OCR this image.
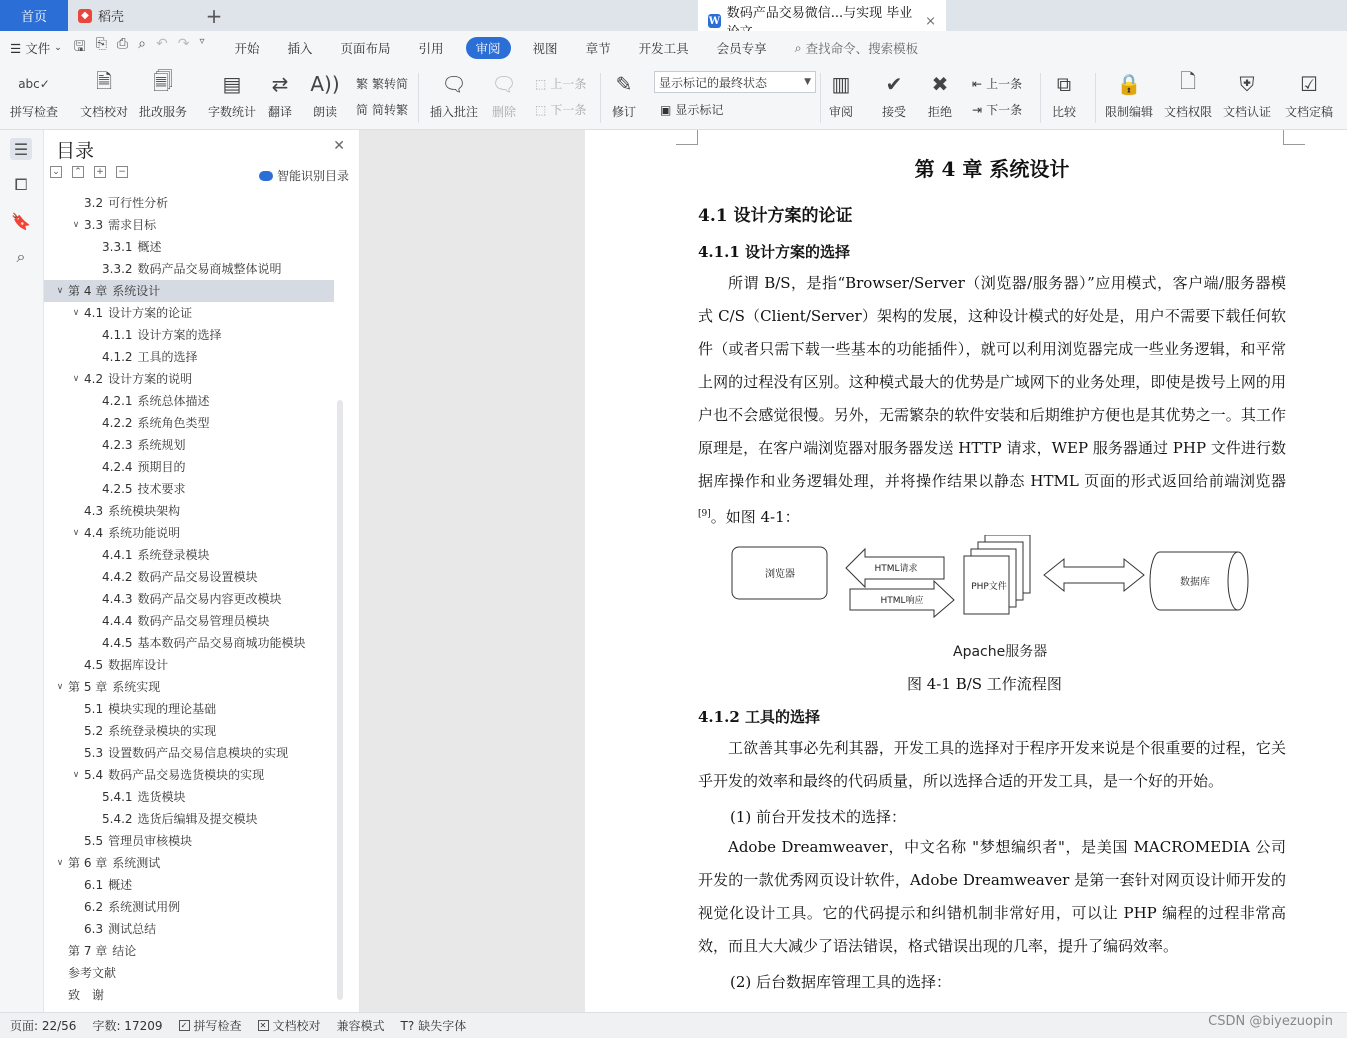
首页	◆ 稻壳	W 数码产品交易微信...与实现 毕业 ×
+
☰ 文件 ⌄ 🖫 ⎘ ⎙ ⌕ ↶ ↷ ▿ 开始 插入 页面布局 引用	审阅	视图 章节 开发工具 会员专享 ⌕ 查找命令、搜索模板
abc✓
拼写检查
🗎
文档校对
🗐
批改服务
▤
字数统计
⇄
翻译
A))
朗读
繁 繁转简
简 简转繁
🗨
插入批注
🗨
删除
⬚ 上一条
⬚ 下一条
✎
修订
显示标记的最终状态	▼
▣ 显示标记
▥
审阅
✔
接受
✖
拒绝
⇤ 上一条
⇥ 下一条
⧉
比较
🔒
限制编辑
🗋
文档权限
⛨
文档认证
☑
文档定稿
☰
⧠
🔖
⌕
目录	✕
⌄ ⌃ + −	智能识别目录
3.2 可行性分析
∨ 3.3 需求目标
3.3.1 概述
3.3.2 数码产品交易商城整体说明
∨ 第 4 章 系统设计
∨ 4.1 设计方案的论证
4.1.1 设计方案的选择
4.1.2 工具的选择
∨ 4.2 设计方案的说明
4.2.1 系统总体描述
4.2.2 系统角色类型
4.2.3 系统规划
4.2.4 预期目的
4.2.5 技术要求
4.3 系统模块架构
∨ 4.4 系统功能说明
4.4.1 系统登录模块
4.4.2 数码产品交易设置模块
4.4.3 数码产品交易内容更改模块
4.4.4 数码产品交易管理员模块
4.4.5 基本数码产品交易商城功能模块
4.5 数据库设计
∨ 第 5 章 系统实现
5.1 模块实现的理论基础
5.2 系统登录模块的实现
5.3 设置数码产品交易信息模块的实现
∨ 5.4 数码产品交易选货模块的实现
5.4.1 选货模块
5.4.2 选货后编辑及提交模块
5.5 管理员审核模块
∨ 第 6 章 系统测试
6.1 概述
6.2 系统测试用例
6.3 测试总结
第 7 章 结论
参考文献
致　谢
第 4 章 系统设计
4.1 设计方案的论证
4.1.1 设计方案的选择
所谓 B/S，是指“Browser/Server（浏览器/服务器）”应用模式，客户端/服务器模式 C/S（Client/Server）架构的发展，这种设计模式的好处是，用户不需要下载任何软件（或者只需下载一些基本的功能插件），就可以利用浏览器完成一些业务逻辑，和平常上网的过程没有区别。这种模式最大的优势是广域网下的业务处理，即使是拨号上网的用户也不会感觉很慢。另外，无需繁杂的软件安装和后期维护方便也是其优势之一。其工作原理是，在客户端浏览器对服务器发送 HTTP 请求，WEP 服务器通过 PHP 文件进行数据库操作和业务逻辑处理，并将操作结果以静态 HTML 页面的形式返回给前端浏览器[9]。如图 4-1：
浏览器	HTML请求
HTML响应
PHP文件	数据库
Apache服务器
图 4-1 B/S 工作流程图
4.1.2 工具的选择
工欲善其事必先利其器，开发工具的选择对于程序开发来说是个很重要的过程，它关乎开发的效率和最终的代码质量，所以选择合适的开发工具，是一个好的开始。
(1) 前台开发技术的选择：
Adobe Dreamweaver，中文名称 "梦想编织者"，是美国 MACROMEDIA 公司开发的一款优秀网页设计软件，Adobe Dreamweaver 是第一套针对网页设计师开发的视觉化设计工具。它的代码提示和纠错机制非常好用，可以让 PHP 编程的过程非常高效，而且大大减少了语法错误，格式错误出现的几率，提升了编码效率。
(2) 后台数据库管理工具的选择：
页面: 22/56 字数: 17209 ✓ 拼写检查 ✕ 文档校对 兼容模式 T? 缺失字体	CSDN @biyezuopin
